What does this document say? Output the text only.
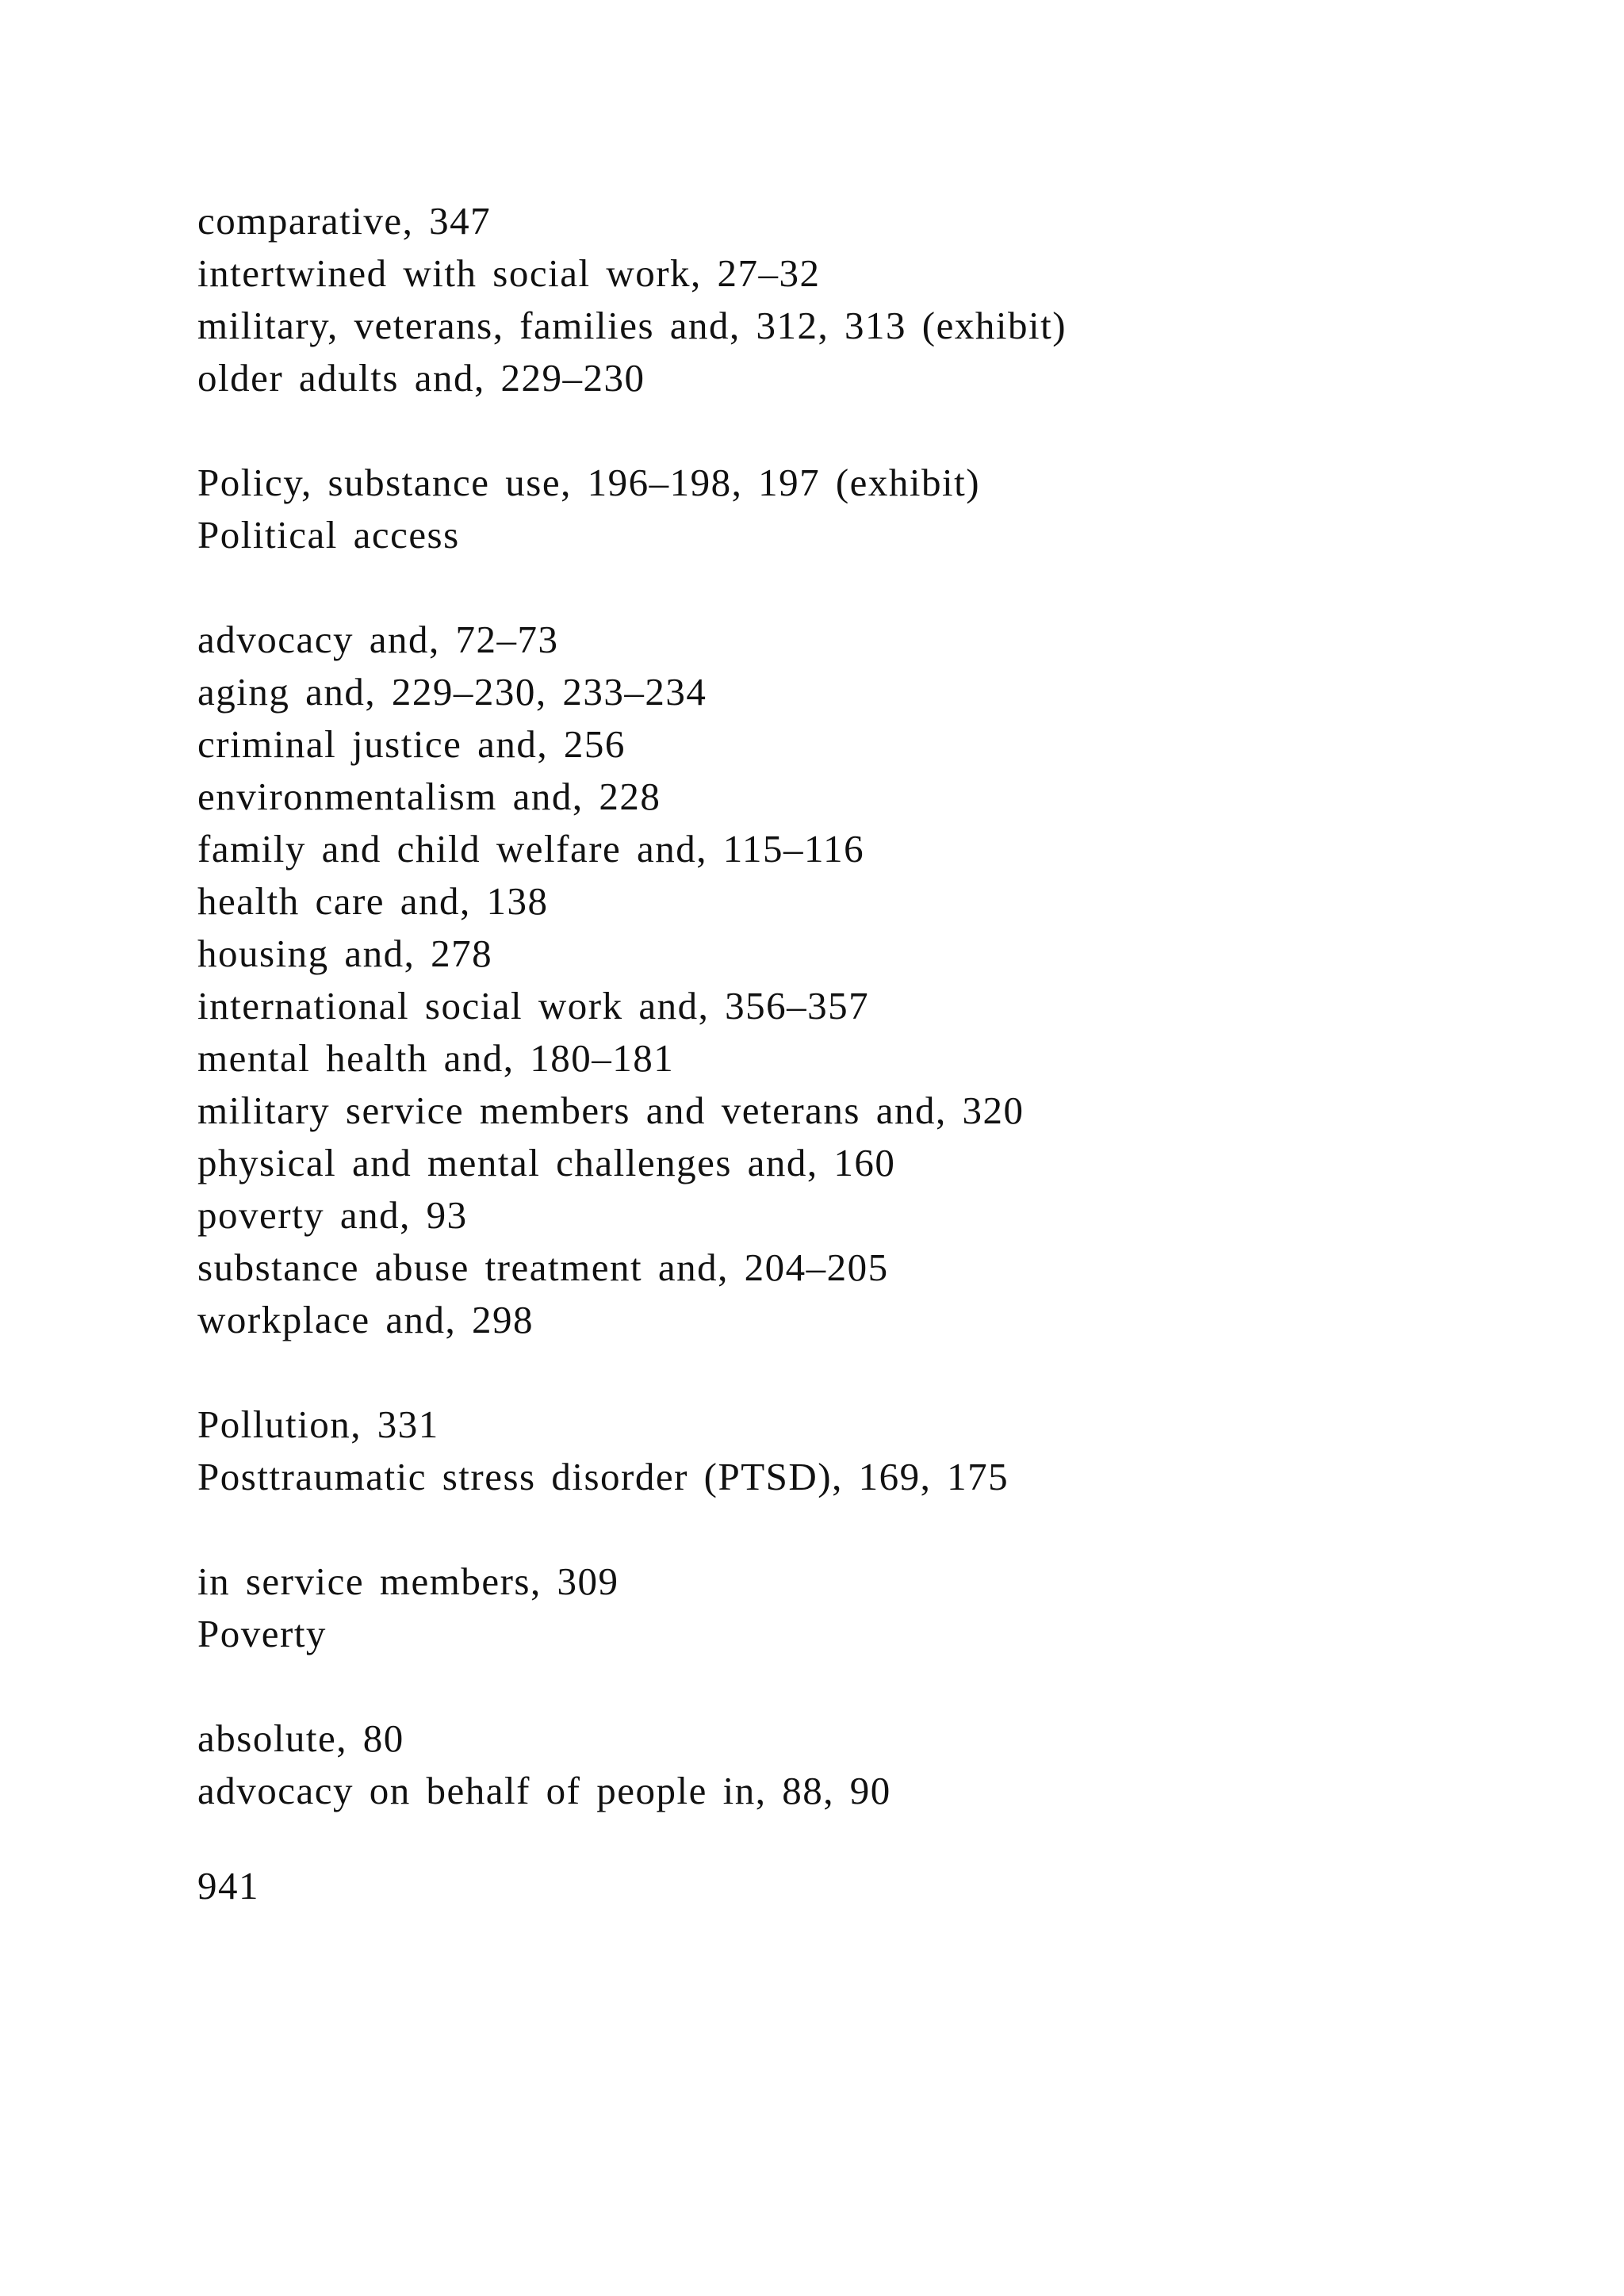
comparative, 347
intertwined with social work, 27–32
military, veterans, families and, 312, 313 (exhibit)
older adults and, 229–230
Policy, substance use, 196–198, 197 (exhibit)
Political access
advocacy and, 72–73
aging and, 229–230, 233–234
criminal justice and, 256
environmentalism and, 228
family and child welfare and, 115–116
health care and, 138
housing and, 278
international social work and, 356–357
mental health and, 180–181
military service members and veterans and, 320
physical and mental challenges and, 160
poverty and, 93
substance abuse treatment and, 204–205
workplace and, 298
Pollution, 331
Posttraumatic stress disorder (PTSD), 169, 175
in service members, 309
Poverty
absolute, 80
advocacy on behalf of people in, 88, 90
941
